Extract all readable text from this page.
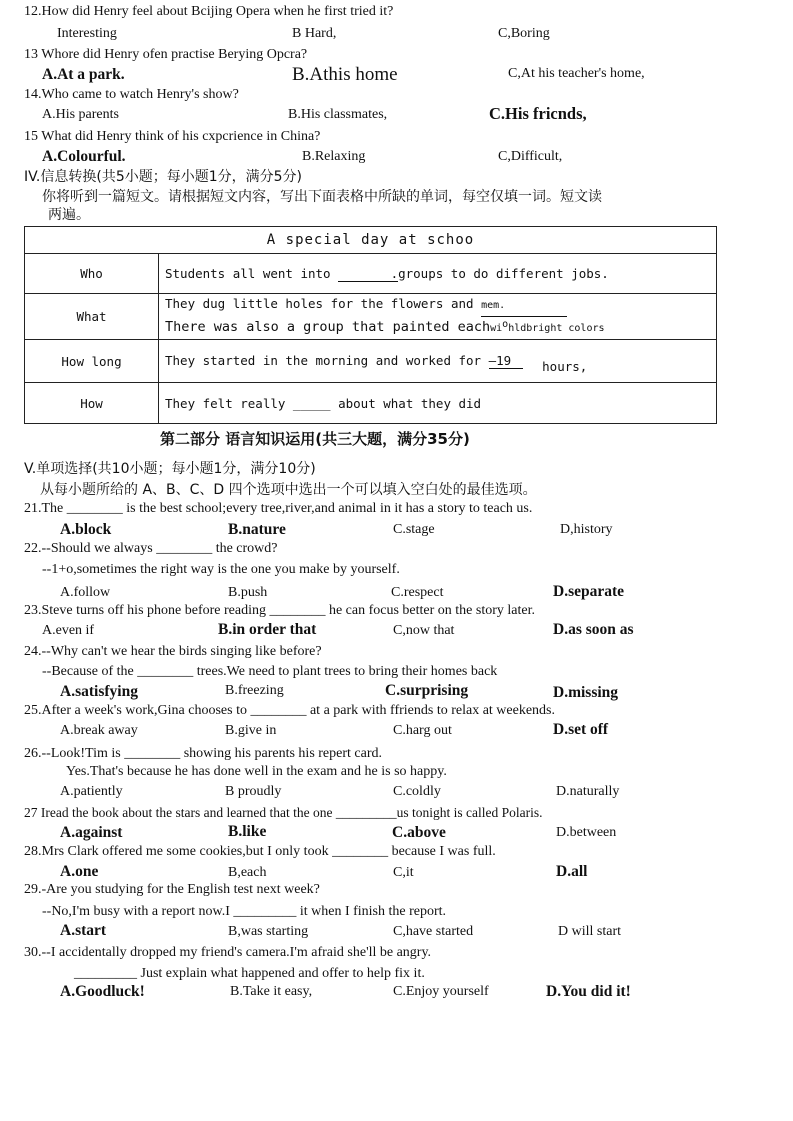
12.How did Henry feel about Bcijing Opera when he first tried it?
Interesting	B Hard,	C,Boring
13 Whore did Henry ofen practise Berying Opcra?
A.At a park.	B.Athis home	C,At his teacher's home,
14.Who came to watch Henry's show?
A.His parents	B.His classmates,	C.His fricnds,
15 What did Henry think of his cxpcrience in China?
A.Colourful.	B.Relaxing	C,Difficult,
IV.信息转换(共5小题；每小题1分，满分5分)
你将听到一篇短文。请根据短文内容，写出下面表格中所缺的单词，每空仅填一词。短文读
两遍。
A special day at schoo	
Who	Students all went into .groups to do different jobs.
What	They dug little holes for the flowers and mem.
There was also a group that painted eachwi$^o$hldbright colors

How long	They started in the morning and worked for —19 hours,
How	They felt really _____ about what they did
第二部分 语言知识运用(共三大题，满分35分)
V.单项选择(共10小题；每小题1分，满分10分)
从每小题所给的 A、B、C、D 四个选项中选出一个可以填入空白处的最佳选项。
21.The ________ is the best school;every tree,river,and animal in it has a story to teach us.
A.block	B.nature	C.stage	D,history
22.--Should we always ________ the crowd?
--1+o,sometimes the right way is the one you make by yourself.
A.follow	B.push	C.respect	D.separate
23.Steve turns off his phone before reading ________ he can focus better on the story later.
A.even if	B.in order that	C,now that	D.as soon as
24.--Why can't we hear the birds singing like before?
--Because of the ________ trees.We need to plant trees to bring their homes back
A.satisfying	B.freezing	C.surprising	D.missing
25.After a week's work,Gina chooses to ________ at a park with ffriends to relax at weekends.
A.break away	B.give in	C.harg out	D.set off
26.--Look!Tim is ________ showing his parents his repert card.
Yes.That's because he has done well in the exam and he is so happy.
A.patiently	B proudly	C.coldly	D.naturally
27 Iread the book about the stars and learned that the one _________us tonight is called Polaris.
A.against	B.like	C.above	D.between
28.Mrs Clark offered me some cookies,but I only took ________ because I was full.
A.one	B,each	C,it	D.all
29.-Are you studying for the English test next week?
--No,I'm busy with a report now.I _________ it when I finish the report.
A.start	B,was starting	C,have started	D will start
30.--I accidentally dropped my friend's camera.I'm afraid she'll be angry.
_________ Just explain what happened and offer to help fix it.
A.Goodluck!	B.Take it easy,	C.Enjoy yourself	D.You did it!
